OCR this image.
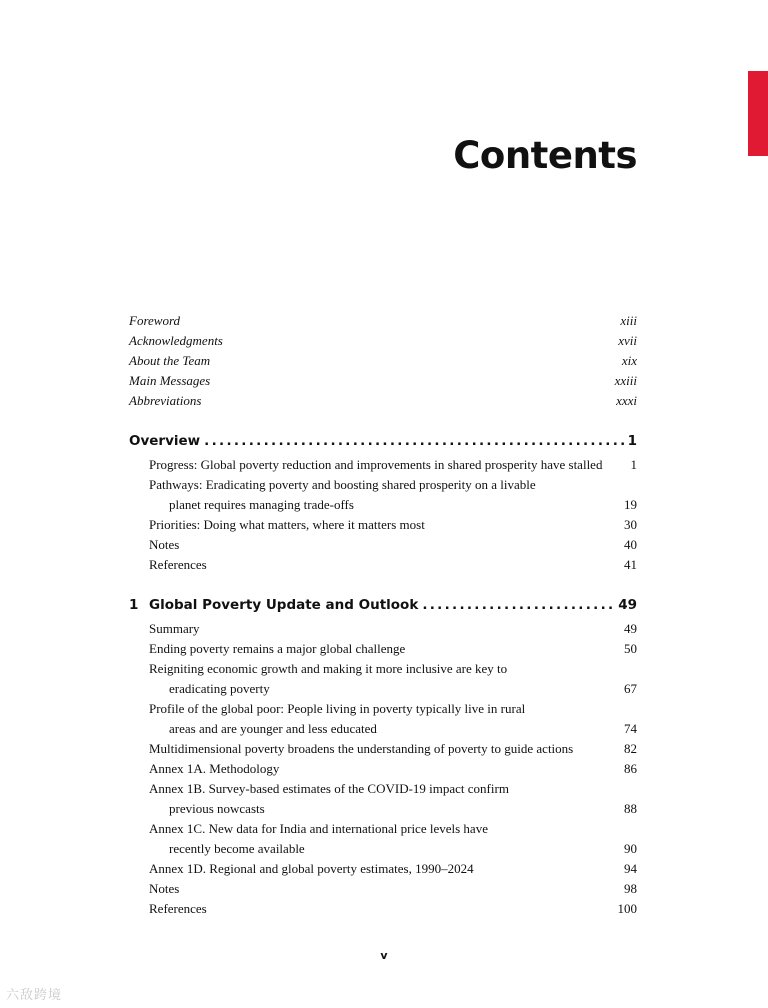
Contents
Foreword	xiii
Acknowledgments	xvii
About the Team	xix
Main Messages	xxiii
Abbreviations	xxxi
Overview . . .	1
Progress: Global poverty reduction and improvements in shared prosperity have stalled	1
Pathways: Eradicating poverty and boosting shared prosperity on a livable
planet requires managing trade-offs	19
Priorities: Doing what matters, where it matters most	30
Notes	40
References	41
1 Global Poverty Update and Outlook . . .	49
Summary	49
Ending poverty remains a major global challenge	50
Reigniting economic growth and making it more inclusive are key to
eradicating poverty	67
Profile of the global poor: People living in poverty typically live in rural
areas and are younger and less educated	74
Multidimensional poverty broadens the understanding of poverty to guide actions	82
Annex 1A. Methodology	86
Annex 1B. Survey-based estimates of the COVID-19 impact confirm
previous nowcasts	88
Annex 1C. New data for India and international price levels have
recently become available	90
Annex 1D. Regional and global poverty estimates, 1990–2024	94
Notes	98
References	100
v
六敌跨境
